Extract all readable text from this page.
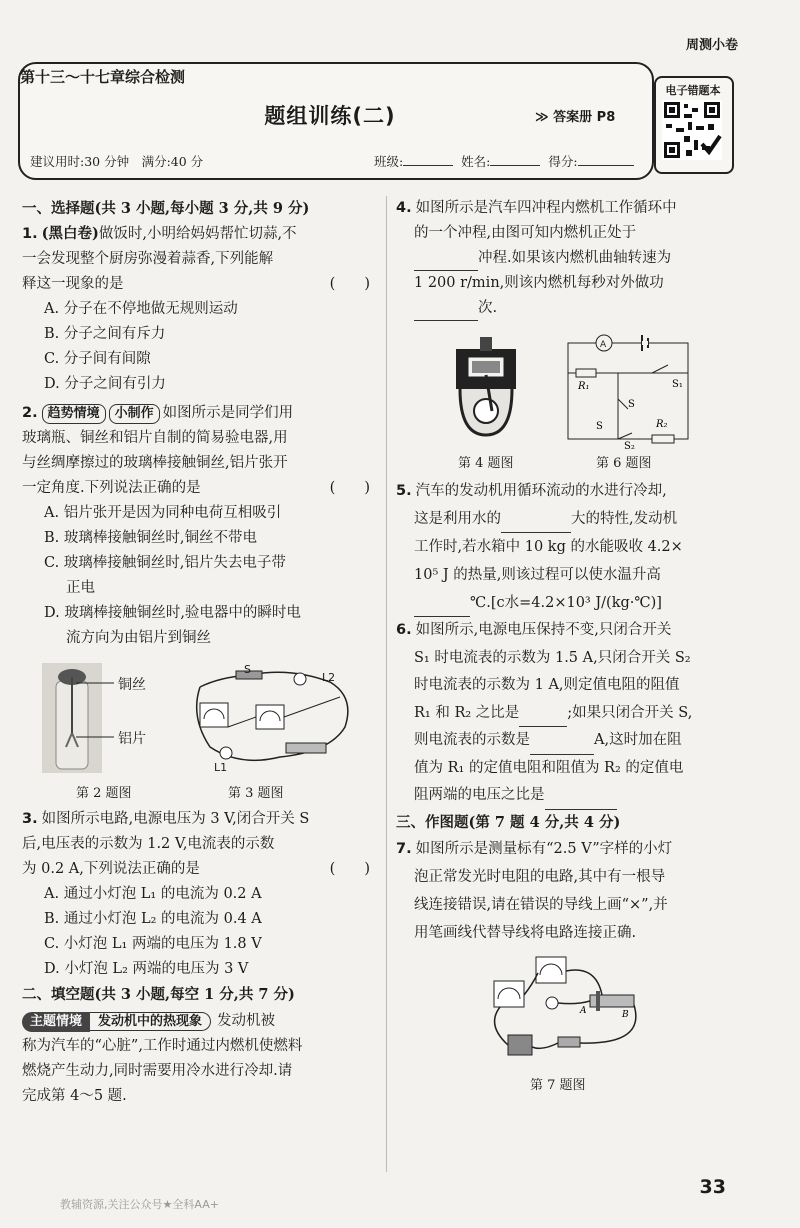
周测小卷
第十三～十七章综合检测
题组训练(二)	≫ 答案册 P8
建议用时:30 分钟　满分:40 分	班级:	姓名:	得分:
电子错题本
一、选择题(共 3 小题,每小题 3 分,共 9 分)
1. (黑白卷)做饭时,小明给妈妈帮忙切蒜,不
一会发现整个厨房弥漫着蒜香,下列能解
释这一现象的是	(　　)
A. 分子在不停地做无规则运动
B. 分子之间有斥力
C. 分子间有间隙
D. 分子之间有引力
2. 趋势情境 小制作 如图所示是同学们用
玻璃瓶、铜丝和铝片自制的简易验电器,用
与丝绸摩擦过的玻璃棒接触铜丝,铝片张开
一定角度.下列说法正确的是	(　　)
A. 铝片张开是因为同种电荷互相吸引
B. 玻璃棒接触铜丝时,铜丝不带电
C. 玻璃棒接触铜丝时,铝片失去电子带
正电
D. 玻璃棒接触铜丝时,验电器中的瞬时电
流方向为由铝片到铜丝
铜丝
铝片
S
L2
L1
第 2 题图	第 3 题图
3. 如图所示电路,电源电压为 3 V,闭合开关 S
后,电压表的示数为 1.2 V,电流表的示数
为 0.2 A,下列说法正确的是	(　　)
A. 通过小灯泡 L₁ 的电流为 0.2 A
B. 通过小灯泡 L₂ 的电流为 0.4 A
C. 小灯泡 L₁ 两端的电压为 1.8 V
D. 小灯泡 L₂ 两端的电压为 3 V
二、填空题(共 3 小题,每空 1 分,共 7 分)
主题情境 发动机中的热现象 发动机被
称为汽车的“心脏”,工作时通过内燃机使燃料
燃烧产生动力,同时需要用冷水进行冷却.请
完成第 4～5 题.
4. 如图所示是汽车四冲程内燃机工作循环中
的一个冲程,由图可知内燃机正处于
冲程.如果该内燃机曲轴转速为
1 200 r/min,则该内燃机每秒对外做功
次.
A
R₁	S₁
S
R₂
S
S₂
第 4 题图	第 6 题图
5. 汽车的发动机用循环流动的水进行冷却,
这是利用水的	大的特性,发动机
工作时,若水箱中 10 kg 的水能吸收 4.2×
10⁵ J 的热量,则该过程可以使水温升高
℃.[c水=4.2×10³ J/(kg·℃)]
6. 如图所示,电源电压保持不变,只闭合开关
S₁ 时电流表的示数为 1.5 A,只闭合开关 S₂
时电流表的示数为 1 A,则定值电阻的阻值
R₁ 和 R₂ 之比是	;如果只闭合开关 S,
则电流表的示数是	A,这时加在阻
值为 R₁ 的定值电阻和阻值为 R₂ 的定值电
阻两端的电压之比是
三、作图题(第 7 题 4 分,共 4 分)
7. 如图所示是测量标有“2.5 V”字样的小灯
泡正常发光时电阻的电路,其中有一根导
线连接错误,请在错误的导线上画“×”,并
用笔画线代替导线将电路连接正确.
A	B
第 7 题图
33
教辅资源,关注公众号★全科AA+
